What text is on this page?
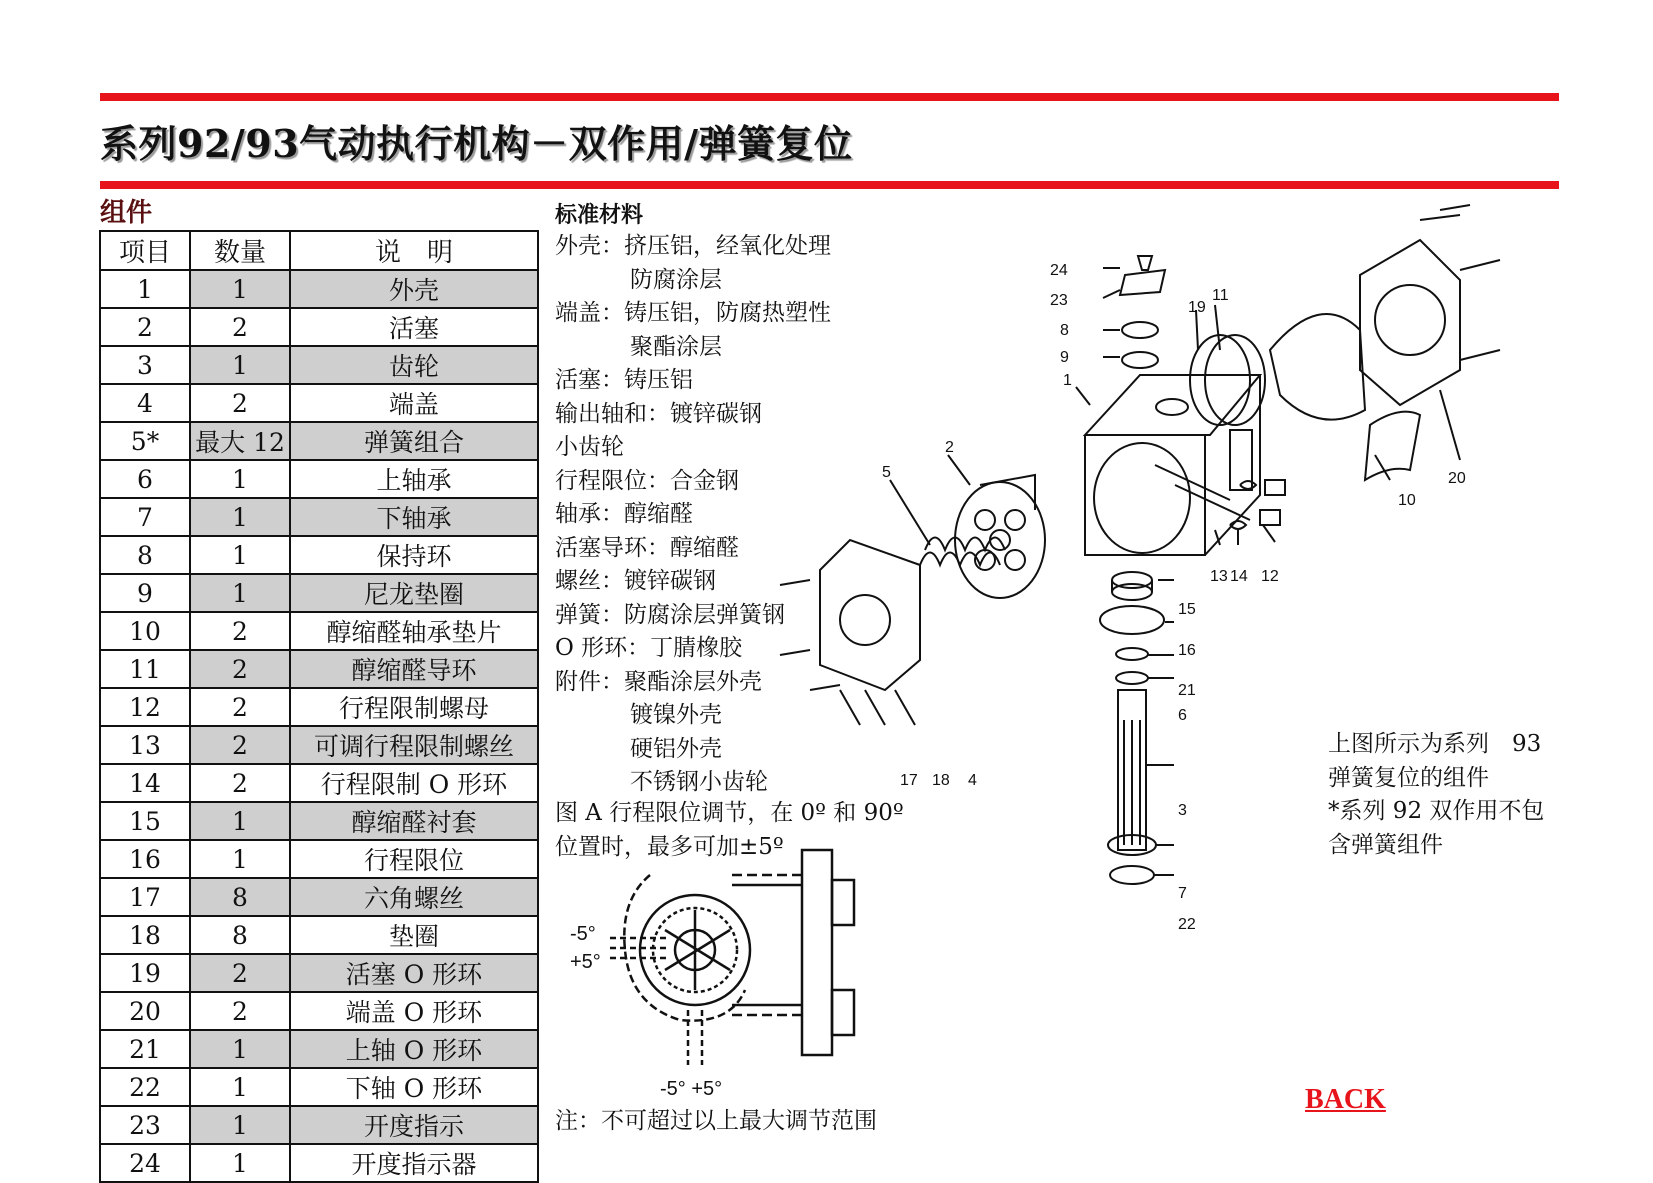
系列92/93气动执行机构－双作用/弹簧复位
组件	标准材料
项目	数量	说　明
1	1	外壳
2	2	活塞
3	1	齿轮
4	2	端盖
5*	最大 12	弹簧组合
6	1	上轴承
7	1	下轴承
8	1	保持环
9	1	尼龙垫圈
10	2	醇缩醛轴承垫片
11	2	醇缩醛导环
12	2	行程限制螺母
13	2	可调行程限制螺丝
14	2	行程限制 O 形环
15	1	醇缩醛衬套
16	1	行程限位
17	8	六角螺丝
18	8	垫圈
19	2	活塞 O 形环
20	2	端盖 O 形环
21	1	上轴 O 形环
22	1	下轴 O 形环
23	1	开度指示
24	1	开度指示器
外壳：挤压铝，经氧化处理
防腐涂层
端盖：铸压铝，防腐热塑性
聚酯涂层
活塞：铸压铝
输出轴和：镀锌碳钢
小齿轮
行程限位：合金钢
轴承：醇缩醛
活塞导环：醇缩醛
螺丝：镀锌碳钢
弹簧：防腐涂层弹簧钢
O 形环：丁腈橡胶
附件：聚酯涂层外壳
镀镍外壳
硬铝外壳
不锈钢小齿轮
图 A 行程限位调节，在 0º 和 90º
位置时，最多可加±5º
-5°
+5°
-5° +5°
注：不可超过以上最大调节范围
24
23
8
9
1
19
11
20
10
2
5
13 14 12
15
16
21
6
3
7
22
17 18 4
上图所示为系列　93
弹簧复位的组件
*系列 92 双作用不包
含弹簧组件
BACK
